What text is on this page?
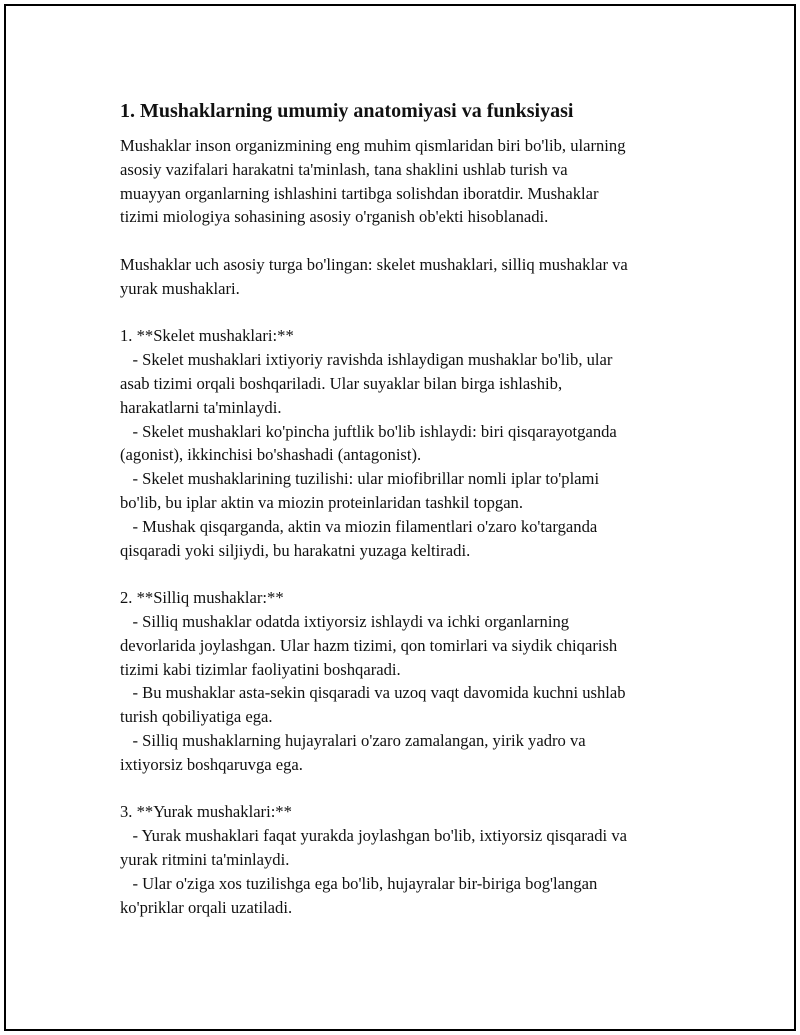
1. Mushaklarning umumiy anatomiyasi va funksiyasi

Mushaklar inson organizmining eng muhim qismlaridan biri bo'lib, ularning
asosiy vazifalari harakatni ta'minlash, tana shaklini ushlab turish va
muayyan organlarning ishlashini tartibga solishdan iboratdir. Mushaklar
tizimi miologiya sohasining asosiy o'rganish ob'ekti hisoblanadi.

Mushaklar uch asosiy turga bo'lingan: skelet mushaklari, silliq mushaklar va
yurak mushaklari.

1. **Skelet mushaklari:**
- Skelet mushaklari ixtiyoriy ravishda ishlaydigan mushaklar bo'lib, ular
asab tizimi orqali boshqariladi. Ular suyaklar bilan birga ishlashib,
harakatlarni ta'minlaydi.
- Skelet mushaklari ko'pincha juftlik bo'lib ishlaydi: biri qisqarayotganda
(agonist), ikkinchisi bo'shashadi (antagonist).
- Skelet mushaklarining tuzilishi: ular miofibrillar nomli iplar to'plami
bo'lib, bu iplar aktin va miozin proteinlaridan tashkil topgan.
- Mushak qisqarganda, aktin va miozin filamentlari o'zaro ko'targanda
qisqaradi yoki siljiydi, bu harakatni yuzaga keltiradi.

2. **Silliq mushaklar:**
- Silliq mushaklar odatda ixtiyorsiz ishlaydi va ichki organlarning
devorlarida joylashgan. Ular hazm tizimi, qon tomirlari va siydik chiqarish
tizimi kabi tizimlar faoliyatini boshqaradi.
- Bu mushaklar asta-sekin qisqaradi va uzoq vaqt davomida kuchni ushlab
turish qobiliyatiga ega.
- Silliq mushaklarning hujayralari o'zaro zamalangan, yirik yadro va
ixtiyorsiz boshqaruvga ega.

3. **Yurak mushaklari:**
- Yurak mushaklari faqat yurakda joylashgan bo'lib, ixtiyorsiz qisqaradi va
yurak ritmini ta'minlaydi.
- Ular o'ziga xos tuzilishga ega bo'lib, hujayralar bir-biriga bog'langan
ko'priklar orqali uzatiladi.
